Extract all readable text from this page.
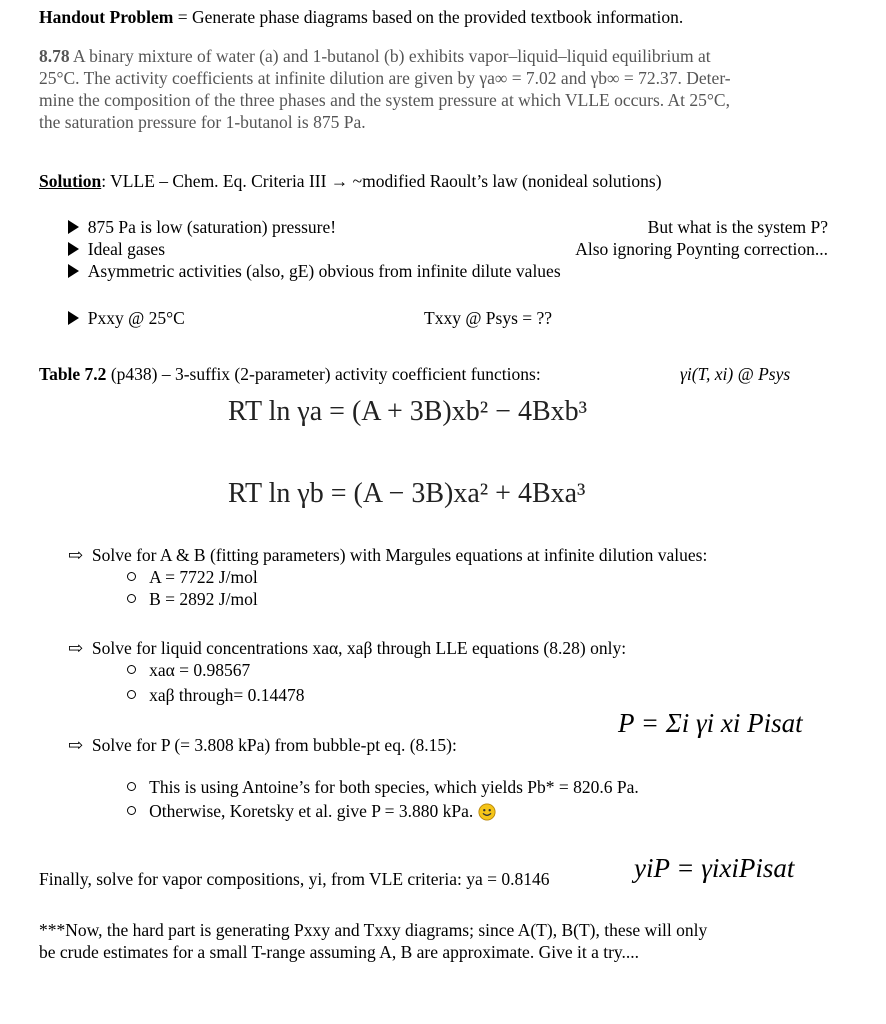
Handout Problem = Generate phase diagrams based on the provided textbook information.
8.78 A binary mixture of water (a) and 1-butanol (b) exhibits vapor–liquid–liquid equilibrium at
25°C. The activity coefficients at infinite dilution are given by γa∞ = 7.02 and γb∞ = 72.37. Deter-
mine the composition of the three phases and the system pressure at which VLLE occurs. At 25°C,
the saturation pressure for 1-butanol is 875 Pa.
Solution: VLLE – Chem. Eq. Criteria III → ~modified Raoult’s law (nonideal solutions)
875 Pa is low (saturation) pressure!	But what is the system P?
Ideal gases	Also ignoring Poynting correction...
Asymmetric activities (also, gE) obvious from infinite dilute values
Pxxy @ 25°C	Txxy @ Psys = ??
Table 7.2 (p438) – 3-suffix (2-parameter) activity coefficient functions:	γi(T, xi) @ Psys
RT ln γa = (A + 3B)xb² − 4Bxb³
RT ln γb = (A − 3B)xa² + 4Bxa³
⇨ Solve for A & B (fitting parameters) with Margules equations at infinite dilution values:
A = 7722 J/mol
B = 2892 J/mol
⇨ Solve for liquid concentrations xaα, xaβ through LLE equations (8.28) only:
xaα = 0.98567
xaβ through= 0.14478
P = Σi γi xi Pisat
⇨ Solve for P (= 3.808 kPa) from bubble-pt eq. (8.15):
This is using Antoine’s for both species, which yields Pb* = 820.6 Pa.
Otherwise, Koretsky et al. give P = 3.880 kPa.
Finally, solve for vapor compositions, yi, from VLE criteria: ya = 0.8146	yiP = γixiPisat
***Now, the hard part is generating Pxxy and Txxy diagrams; since A(T), B(T), these will only
be crude estimates for a small T-range assuming A, B are approximate. Give it a try....
